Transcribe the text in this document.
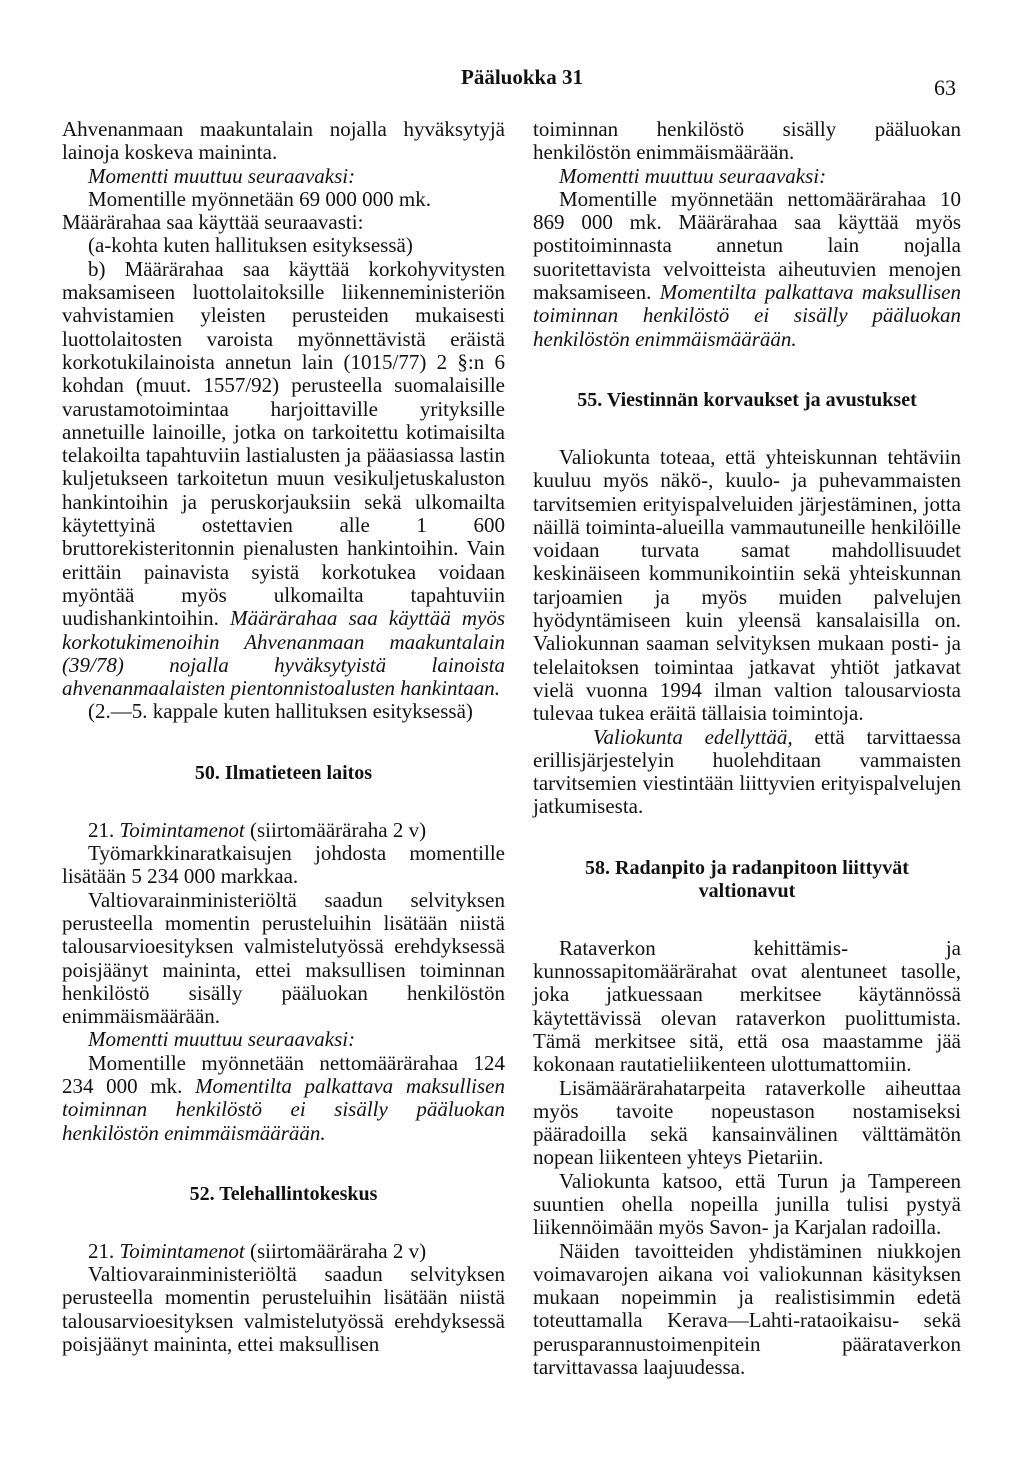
Pääluokka 31	63

Ahvenanmaan maakuntalain nojalla hyväksytyjä lainoja koskeva maininta.

Momentti muuttuu seuraavaksi:

Momentille myönnetään 69 000 000 mk.

Määrärahaa saa käyttää seuraavasti:

(a-kohta kuten hallituksen esityksessä)

b) Määrärahaa saa käyttää korkohyvitysten maksamiseen luottolaitoksille liikenneministeriön vahvistamien yleisten perusteiden mukaisesti luottolaitosten varoista myönnettävistä eräistä korkotukilainoista annetun lain (1015/77) 2 §:n 6 kohdan (muut. 1557/92) perusteella suomalaisille varustamotoimintaa harjoittaville yrityksille annetuille lainoille, jotka on tarkoitettu kotimaisilta telakoilta tapahtuviin lastialusten ja pääasiassa lastin kuljetukseen tarkoitetun muun vesikuljetuskaluston hankintoihin ja peruskorjauksiin sekä ulkomailta käytettyinä ostettavien alle 1 600 bruttorekisteritonnin pienalusten hankintoihin. Vain erittäin painavista syistä korkotukea voidaan myöntää myös ulkomailta tapahtuviin uudishankintoihin. Määrärahaa saa käyttää myös korkotukimenoihin Ahvenanmaan maakuntalain (39/78) nojalla hyväksytyistä lainoista ahvenanmaalaisten pientonnistoalusten hankintaan.

(2.—5. kappale kuten hallituksen esityksessä)

50. Ilmatieteen laitos

21. Toimintamenot (siirtomääräraha 2 v)

Työmarkkinaratkaisujen johdosta momentille lisätään 5 234 000 markkaa.

Valtiovarainministeriöltä saadun selvityksen perusteella momentin perusteluihin lisätään niistä talousarvioesityksen valmistelutyössä erehdyksessä poisjäänyt maininta, ettei maksullisen toiminnan henkilöstö sisälly pääluokan henkilöstön enimmäismäärään.

Momentti muuttuu seuraavaksi:

Momentille myönnetään nettomäärärahaa 124 234 000 mk. Momentilta palkattava maksullisen toiminnan henkilöstö ei sisälly pääluokan henkilöstön enimmäismäärään.

52. Telehallintokeskus

21. Toimintamenot (siirtomääräraha 2 v)

Valtiovarainministeriöltä saadun selvityksen perusteella momentin perusteluihin lisätään niistä talousarvioesityksen valmistelutyössä erehdyksessä poisjäänyt maininta, ettei maksullisen

toiminnan henkilöstö sisälly pääluokan henkilöstön enimmäismäärään.

Momentti muuttuu seuraavaksi:

Momentille myönnetään nettomäärärahaa 10 869 000 mk. Määrärahaa saa käyttää myös postitoiminnasta annetun lain nojalla suoritettavista velvoitteista aiheutuvien menojen maksamiseen. Momentilta palkattava maksullisen toiminnan henkilöstö ei sisälly pääluokan henkilöstön enimmäismäärään.

55. Viestinnän korvaukset ja avustukset

Valiokunta toteaa, että yhteiskunnan tehtäviin kuuluu myös näkö-, kuulo- ja puhevammaisten tarvitsemien erityispalveluiden järjestäminen, jotta näillä toiminta-alueilla vammautuneille henkilöille voidaan turvata samat mahdollisuudet keskinäiseen kommunikointiin sekä yhteiskunnan tarjoamien ja myös muiden palvelujen hyödyntämiseen kuin yleensä kansalaisilla on. Valiokunnan saaman selvityksen mukaan posti- ja telelaitoksen toimintaa jatkavat yhtiöt jatkavat vielä vuonna 1994 ilman valtion talousarviosta tulevaa tukea eräitä tällaisia toimintoja.

Valiokunta edellyttää, että tarvittaessa erillisjärjestelyin huolehditaan vammaisten tarvitsemien viestintään liittyvien erityispalvelujen jatkumisesta.

58. Radanpito ja radanpitoon liittyvät valtionavut

Rataverkon kehittämis- ja kunnossapitomäärärahat ovat alentuneet tasolle, joka jatkuessaan merkitsee käytännössä käytettävissä olevan rataverkon puolittumista. Tämä merkitsee sitä, että osa maastamme jää kokonaan rautatieliikenteen ulottumattomiin.

Lisämäärärahatarpeita rataverkolle aiheuttaa myös tavoite nopeustason nostamiseksi pääradoilla sekä kansainvälinen välttämätön nopean liikenteen yhteys Pietariin.

Valiokunta katsoo, että Turun ja Tampereen suuntien ohella nopeilla junilla tulisi pystyä liikennöimään myös Savon- ja Karjalan radoilla.

Näiden tavoitteiden yhdistäminen niukkojen voimavarojen aikana voi valiokunnan käsityksen mukaan nopeimmin ja realistisimmin edetä toteuttamalla Kerava—Lahti-rataoikaisu- sekä perusparannustoimenpitein päärataverkon tarvittavassa laajuudessa.
